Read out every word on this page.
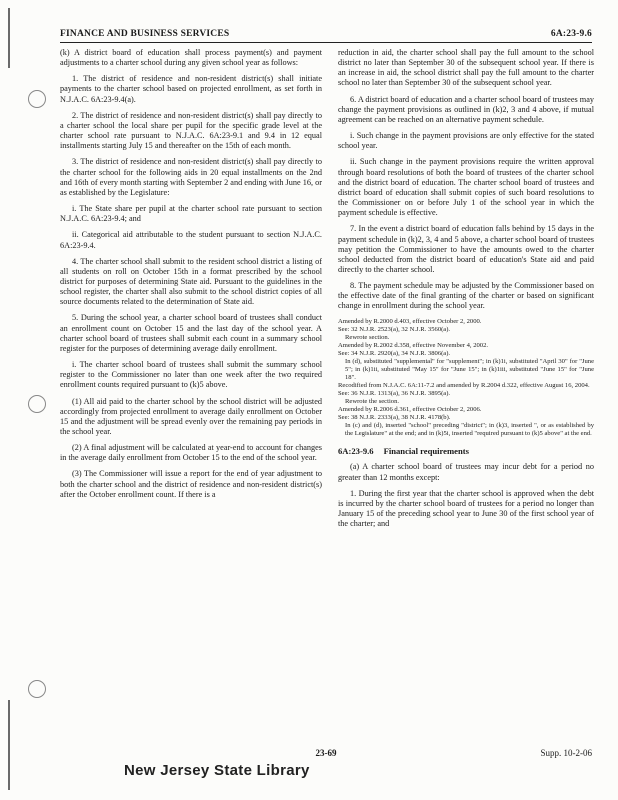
FINANCE AND BUSINESS SERVICES	6A:23-9.6

(k) A district board of education shall process payment(s) and payment adjustments to a charter school during any given school year as follows:

1. The district of residence and non-resident district(s) shall initiate payments to the charter school based on projected enrollment, as set forth in N.J.A.C. 6A:23-9.4(a).

2. The district of residence and non-resident district(s) shall pay directly to a charter school the local share per pupil for the specific grade level at the charter school rate pursuant to N.J.A.C. 6A:23-9.1 and 9.4 in 12 equal installments starting July 15 and thereafter on the 15th of each month.

3. The district of residence and non-resident district(s) shall pay directly to the charter school for the following aids in 20 equal installments on the 2nd and 16th of every month starting with September 2 and ending with June 16, or as established by the Legislature:

i. The State share per pupil at the charter school rate pursuant to section N.J.A.C. 6A:23-9.4; and

ii. Categorical aid attributable to the student pursuant to section N.J.A.C. 6A:23-9.4.

4. The charter school shall submit to the resident school district a listing of all students on roll on October 15th in a format prescribed by the school district for purposes of determining State aid. Pursuant to the guidelines in the school register, the charter shall also submit to the school district copies of all source documents related to the determination of State aid.

5. During the school year, a charter school board of trustees shall conduct an enrollment count on October 15 and the last day of the school year. A charter school board of trustees shall submit each count in a summary school register for the purposes of determining average daily enrollment.

i. The charter school board of trustees shall submit the summary school register to the Commissioner no later than one week after the two required enrollment counts required pursuant to (k)5 above.

(1) All aid paid to the charter school by the school district will be adjusted accordingly from projected enrollment to average daily enrollment on October 15 and the adjustment will be spread evenly over the remaining pay periods in the school year.

(2) A final adjustment will be calculated at year-end to account for changes in the average daily enrollment from October 15 to the end of the school year.

(3) The Commissioner will issue a report for the end of year adjustment to both the charter school and the district of residence and non-resident district(s) after the October enrollment count. If there is a

reduction in aid, the charter school shall pay the full amount to the school district no later than September 30 of the subsequent school year. If there is an increase in aid, the school district shall pay the full amount to the charter school no later than September 30 of the subsequent school year.

6. A district board of education and a charter school board of trustees may change the payment provisions as outlined in (k)2, 3 and 4 above, if mutual agreement can be reached on an alternative payment schedule.

i. Such change in the payment provisions are only effective for the stated school year.

ii. Such change in the payment provisions require the written approval through board resolutions of both the board of trustees of the charter school and the district board of education. The charter school board of trustees and district board of education shall submit copies of such board resolutions to the Commissioner on or before July 1 of the school year in which the payment schedule is effective.

7. In the event a district board of education falls behind by 15 days in the payment schedule in (k)2, 3, 4 and 5 above, a charter school board of trustees may petition the Commissioner to have the amounts owed to the charter school deducted from the district board of education's State aid and paid directly to the charter school.

8. The payment schedule may be adjusted by the Commissioner based on the effective date of the final granting of the charter or based on significant change in enrollment during the school year.

Amended by R.2000 d.403, effective October 2, 2000.
See: 32 N.J.R. 2523(a), 32 N.J.R. 3560(a).
Rewrote section.
Amended by R.2002 d.358, effective November 4, 2002.
See: 34 N.J.R. 2920(a), 34 N.J.R. 3806(a).
In (d), substituted "supplemental" for "supplement"; in (k)1i, substituted "April 30" for "June 5"; in (k)1ii, substituted "May 15" for "June 15"; in (k)1iii, substituted "June 15" for "June 18".
Recodified from N.J.A.C. 6A:11-7.2 and amended by R.2004 d.322, effective August 16, 2004.
See: 36 N.J.R. 1313(a), 36 N.J.R. 3895(a).
Rewrote the section.
Amended by R.2006 d.361, effective October 2, 2006.
See: 38 N.J.R. 2333(a), 38 N.J.R. 4178(b).
In (c) and (d), inserted "school" preceding "district"; in (k)3, inserted ", or as established by the Legislature" at the end; and in (k)5i, inserted "required pursuant to (k)5 above" at the end.
6A:23-9.6 Financial requirements

(a) A charter school board of trustees may incur debt for a period no greater than 12 months except:

1. During the first year that the charter school is approved when the debt is incurred by the charter school board of trustees for a period no longer than January 15 of the preceding school year to June 30 of the first school year of the charter; and

23-69	Supp. 10-2-06
New Jersey State Library
